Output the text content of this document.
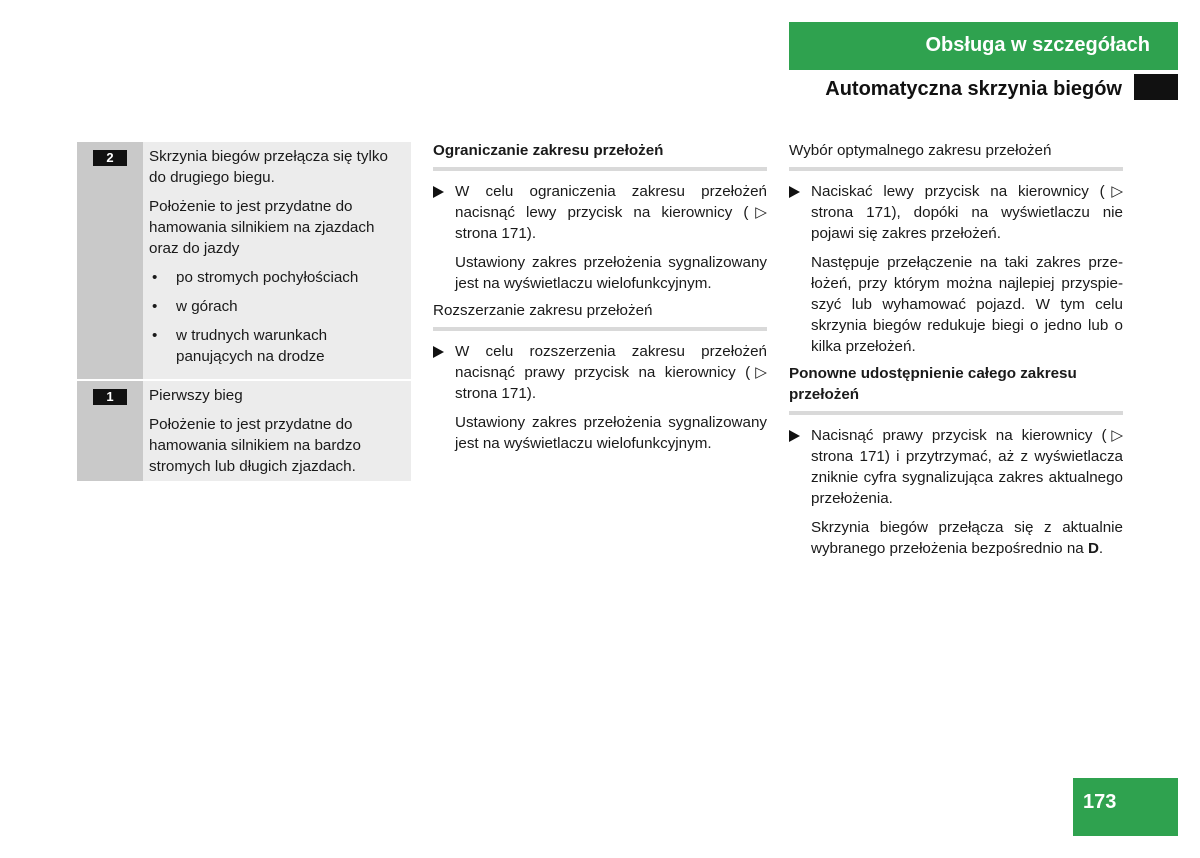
Obsługa w szczegółach
Automatyczna skrzynia biegów
2	Skrzynia biegów przełącza się tylko do drugiego biegu.

Położenie to jest przydatne do hamowania silnikiem na zjazdach oraz do jazdy

• po stromych pochyłościach
• w górach
• w trudnych warunkach panujących na drodze
1	Pierwszy bieg

Położenie to jest przydatne do hamowania silnikiem na bardzo stromych lub długich zjazdach.

Ograniczanie zakresu przełożeń

W celu ograniczenia zakresu przełożeń nacisnąć lewy przycisk na kierownicy (▷ strona 171).

Ustawiony zakres przełożenia sygnalizowany jest na wyświetlaczu wielofunkcyjnym.

Rozszerzanie zakresu przełożeń

W celu rozszerzenia zakresu przełożeń nacisnąć prawy przycisk na kierownicy (▷ strona 171).

Ustawiony zakres przełożenia sygnalizowany jest na wyświetlaczu wielofunkcyjnym.

Wybór optymalnego zakresu przełożeń

Naciskać lewy przycisk na kierownicy (▷ strona 171), dopóki na wyświetlaczu nie pojawi się zakres przełożeń.

Następuje przełączenie na taki zakres przełożeń, przy którym można najlepiej przyspieszyć lub wyhamować pojazd. W tym celu skrzynia biegów redukuje biegi o jedno lub o kilka przełożeń.

Ponowne udostępnienie całego zakresu przełożeń

Nacisnąć prawy przycisk na kierownicy (▷ strona 171) i przytrzymać, aż z wyświetlacza zniknie cyfra sygnalizująca zakres aktualnego przełożenia.

Skrzynia biegów przełącza się z aktualnie wybranego przełożenia bezpośrednio na D.

173
